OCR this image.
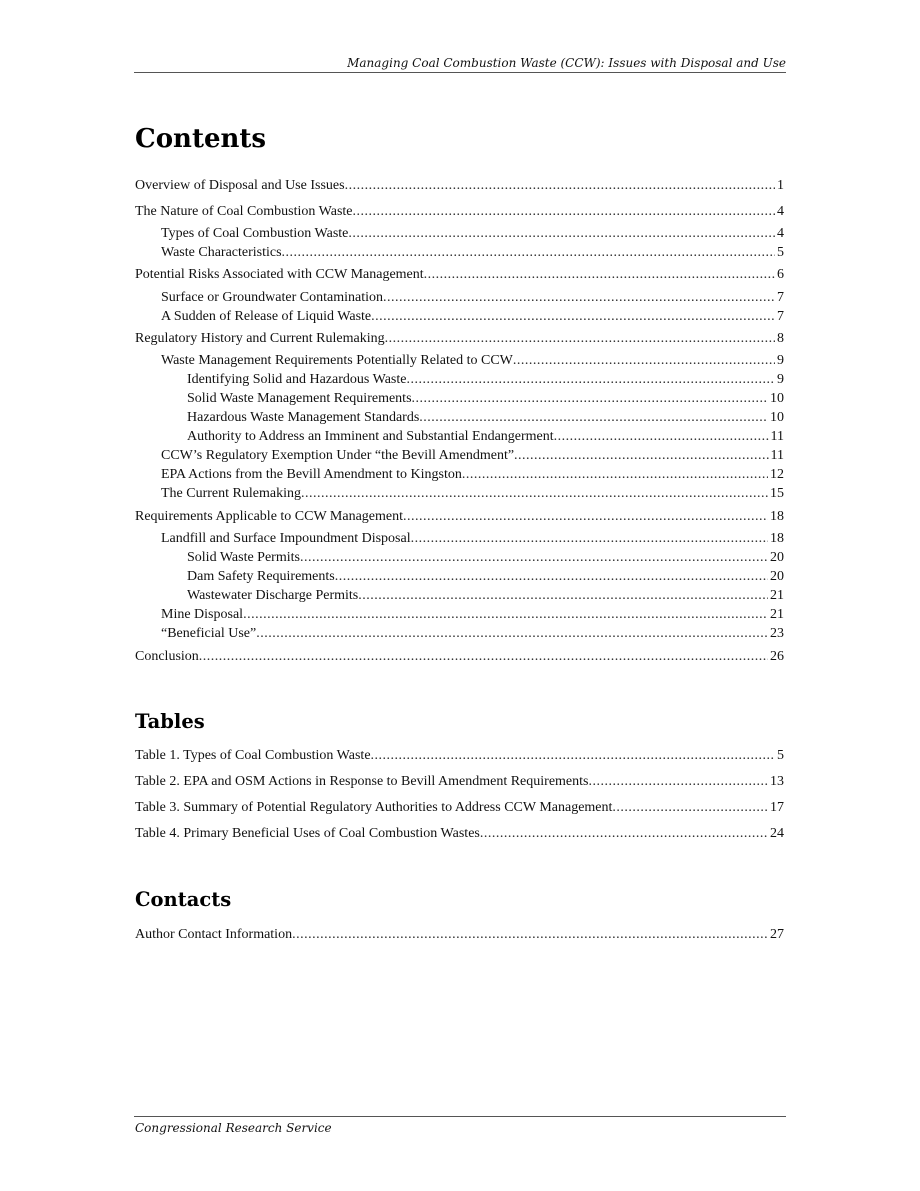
Managing Coal Combustion Waste (CCW): Issues with Disposal and Use
Contents
Overview of Disposal and Use Issues . . .	1
The Nature of Coal Combustion Waste . . .	4
Types of Coal Combustion Waste . . .	4
Waste Characteristics . . .	5
Potential Risks Associated with CCW Management . . .	6
Surface or Groundwater Contamination . . .	7
A Sudden of Release of Liquid Waste . . .	7
Regulatory History and Current Rulemaking . . .	8
Waste Management Requirements Potentially Related to CCW . . .	9
Identifying Solid and Hazardous Waste . . .	9
Solid Waste Management Requirements . . .	10
Hazardous Waste Management Standards . . .	10
Authority to Address an Imminent and Substantial Endangerment . . .	11
CCW’s Regulatory Exemption Under “the Bevill Amendment” . . .	11
EPA Actions from the Bevill Amendment to Kingston . . .	12
The Current Rulemaking . . .	15
Requirements Applicable to CCW Management . . .	18
Landfill and Surface Impoundment Disposal . . .	18
Solid Waste Permits . . .	20
Dam Safety Requirements . . .	20
Wastewater Discharge Permits . . .	21
Mine Disposal . . .	21
“Beneficial Use” . . .	23
Conclusion . . .	26
Tables
Table 1. Types of Coal Combustion Waste . . .	5
Table 2. EPA and OSM Actions in Response to Bevill Amendment Requirements . . .	13
Table 3. Summary of Potential Regulatory Authorities to Address CCW Management . . .	17
Table 4. Primary Beneficial Uses of Coal Combustion Wastes . . .	24
Contacts
Author Contact Information . . .	27
Congressional Research Service
